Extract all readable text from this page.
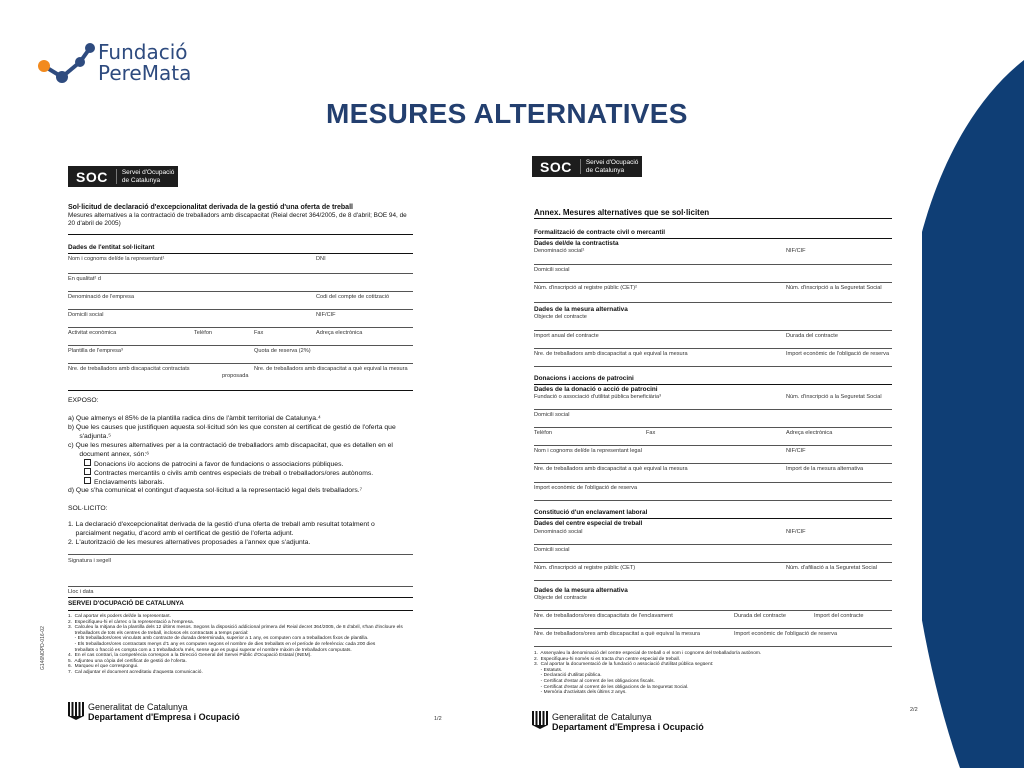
Fundació
PereMata
MESURES ALTERNATIVES
SOC	Servei d'Ocupació
de Catalunya
Sol·licitud de declaració d'excepcionalitat derivada de la gestió d'una oferta de treball
Mesures alternatives a la contractació de treballadors amb discapacitat (Reial decret 364/2005, de 8 d'abril; BOE 94, de 20 d'abril de 2005)
Dades de l'entitat sol·licitant
Nom i cognoms del/de la representant¹	DNI
En qualitat² d
Denominació de l'empresa	Codi del compte de cotització
Domicili social	NIF/CIF
Activitat econòmica	Telèfon	Fax	Adreça electrònica
Plantilla de l'empresa³	Quota de reserva (2%)
Nre. de treballadors amb discapacitat contractats	Nre. de treballadors amb discapacitat a què equival la mesura
proposada
EXPOSO:
a) Que almenys el 85% de la plantilla radica dins de l'àmbit territorial de Catalunya.⁴
b) Que les causes que justifiquen aquesta sol·licitud són les que consten al certificat de gestió de l'oferta que
s'adjunta.⁵
c) Que les mesures alternatives per a la contractació de treballadors amb discapacitat, que es detallen en el
document annex, són:⁶
Donacions i/o accions de patrocini a favor de fundacions o associacions públiques.
Contractes mercantils o civils amb centres especials de treball o treballadors/ores autònoms.
Enclavaments laborals.
d) Que s'ha comunicat el contingut d'aquesta sol·licitud a la representació legal dels treballadors.⁷
SOL·LICITO:
1. La declaració d'excepcionalitat derivada de la gestió d'una oferta de treball amb resultat totalment o
parcialment negatiu, d'acord amb el certificat de gestió de l'oferta adjunt.
2. L'autorització de les mesures alternatives proposades a l'annex que s'adjunta.
Signatura i segell
Lloc i data
SERVEI D'OCUPACIÓ DE CATALUNYA
1.  Cal aportar els poders del/de la representant.
2.  Especifiqueu-hi el càrrec o la representació a l'empresa.
3.  Calculeu la mitjana de la plantilla dels 12 últims mesos. Segons la disposició addicional primera del Reial decret 364/2005, de 8 d'abril, s'han d'incloure els
treballadors de tots els centres de treball, inclosos els contractats a temps parcial:
- Els treballadors/ores vinculats amb contracte de durada determinada, superior a 1 any, es computen com a treballadors fixos de plantilla.
- Els treballadors/ores contractats menys d'1 any es computen segons el nombre de dies treballats en el període de referència: cada 200 dies
treballats o fracció es compta com a 1 treballador/a més, sense que es pugui superar el nombre màxim de treballadors computats.
4.  En el cas contrari, la competència correspon a la Direcció General del Servei Públic d'Ocupació Estatal (INEM).
5.  Adjunteu una còpia del certificat de gestió de l'oferta.
6.  Marqueu el que correspongui.
7.  Cal adjuntar el document acreditatiu d'aquesta comunicació.
Generalitat de Catalunya
Departament d'Empresa i Ocupació	1/2
G146NOPD-016-02
SOC	Servei d'Ocupació
de Catalunya
Annex. Mesures alternatives que se sol·liciten
Formalització de contracte civil o mercantil
Dades del/de la contractista
Denominació social¹	NIF/CIF
Domicili social
Núm. d'inscripció al registre públic (CET)²	Núm. d'inscripció a la Seguretat Social
Dades de la mesura alternativa
Objecte del contracte
Import anual del contracte	Durada del contracte
Nre. de treballadors amb discapacitat a què equival la mesura	Import econòmic de l'obligació de reserva
Donacions i accions de patrocini
Dades de la donació o acció de patrocini
Fundació o associació d'utilitat pública beneficiària³	Núm. d'inscripció a la Seguretat Social
Domicili social
Telèfon	Fax	Adreça electrònica
Nom i cognoms del/de la representant legal	NIF/CIF
Nre. de treballadors amb discapacitat a què equival la mesura	Import de la mesura alternativa
Import econòmic de l'obligació de reserva
Constitució d'un enclavament laboral
Dades del centre especial de treball
Denominació social	NIF/CIF
Domicili social
Núm. d'inscripció al registre públic (CET)	Núm. d'afiliació a la Seguretat Social
Dades de la mesura alternativa
Objecte del contracte
Nre. de treballadors/ores discapacitats de l'enclavament	Durada del contracte	Import del contracte
Nre. de treballadors/ores amb discapacitat a què equival la mesura	Import econòmic de l'obligació de reserva
1.  Assenyaleu la denominació del centre especial de treball o el nom i cognoms del treballador/a autònom.
2.  Especifiqueu-hi només si es tracta d'un centre especial de treball.
3.  Cal aportar la documentació de la fundació o associació d'utilitat pública següent:
- Estatuts.
- Declaració d'utilitat pública.
- Certificat d'estar al corrent de les obligacions fiscals.
- Certificat d'estar al corrent de les obligacions de la Seguretat Social.
- Memòria d'activitats dels últims 2 anys.
2/2
Generalitat de Catalunya
Departament d'Empresa i Ocupació
